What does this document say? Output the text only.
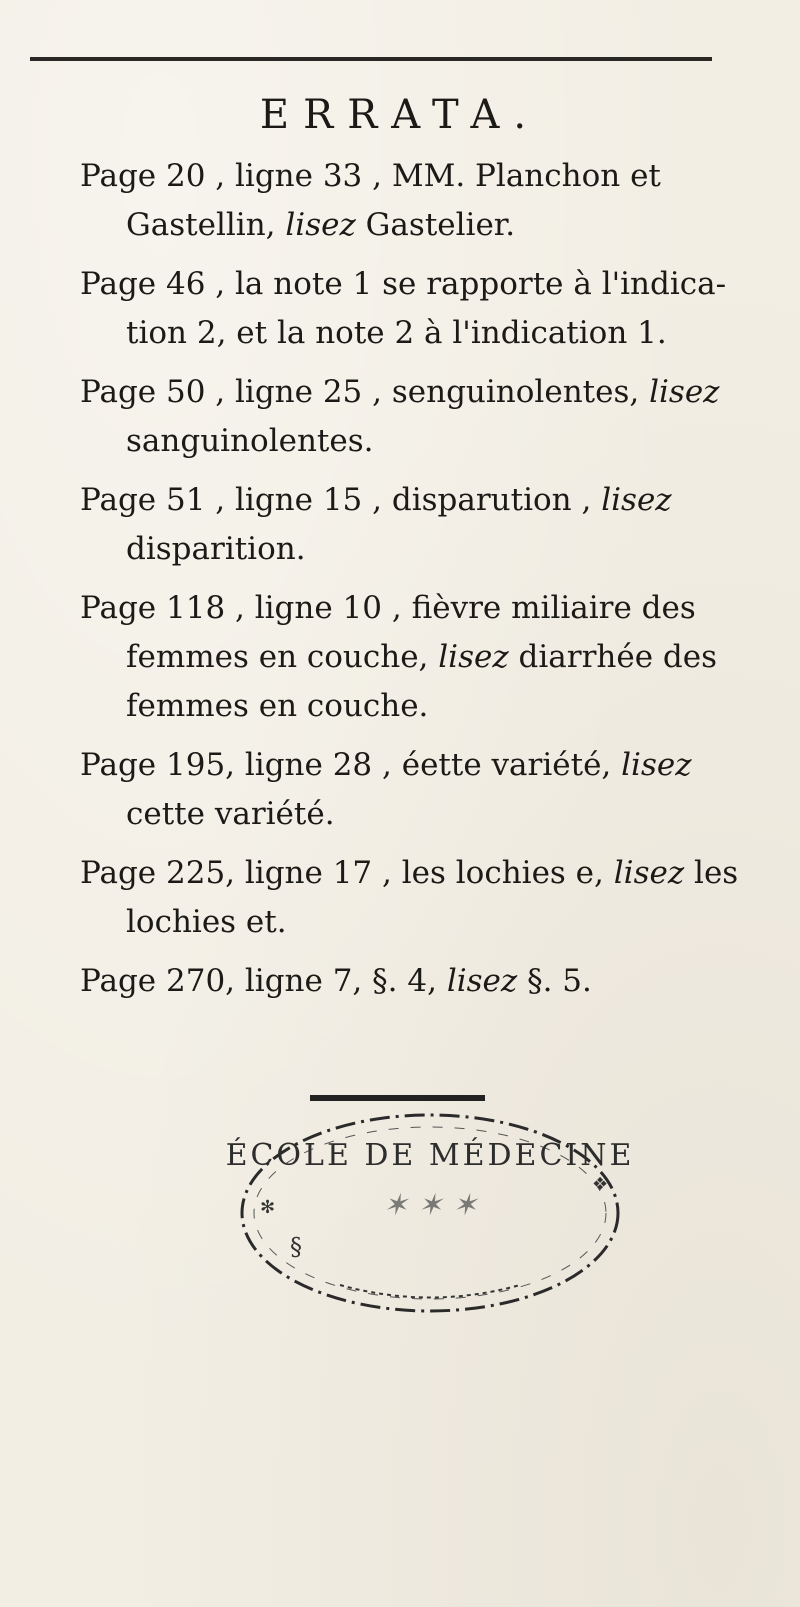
ERRATA.

Page 20 , ligne 33 , MM. Planchon et Gastellin, lisez Gastelier.

Page 46 , la note 1 se rapporte à l'indica- tion 2, et la note 2 à l'indication 1.

Page 50 , ligne 25 , senguinolentes, lisez sanguinolentes.

Page 51 , ligne 15 , disparution , lisez disparition.

Page 118 , ligne 10 , fièvre miliaire des femmes en couche, lisez diarrhée des femmes en couche.

Page 195, ligne 28 , éette variété, lisez cette variété.

Page 225, ligne 17 , les lochies e, lisez les lochies et.

Page 270, ligne 7, §. 4, lisez §. 5.

ÉCOLE DE MÉDECINE
✶ ✶ ✶
✻
❖
§
